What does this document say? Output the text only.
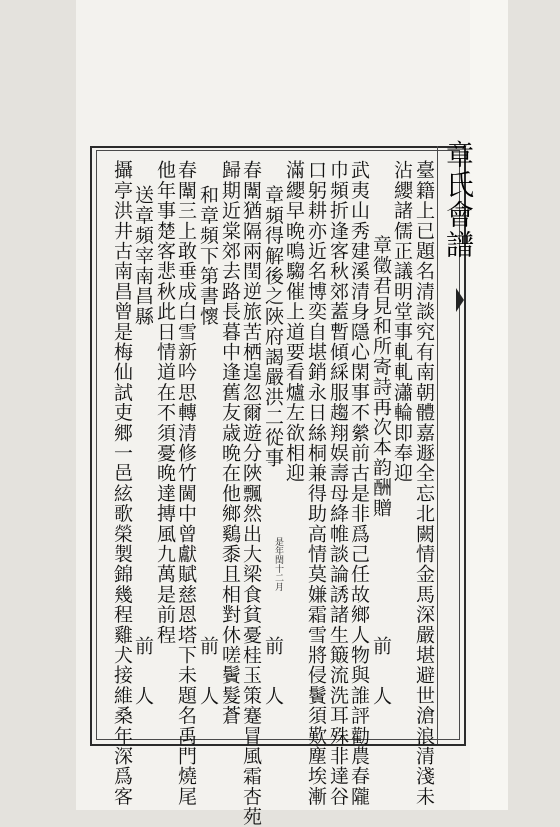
章氏會譜
臺籍上已題名清談究有南朝體嘉遯全忘北闕情金馬深嚴堪避世滄浪清淺未
沾纓諸儒正議明堂事軋軋瀟輪即奉迎
章徵君見和所寄詩再次本韵酬贈
前　人
武夷山秀建溪清身隱心閑事不縈前古是非爲己任故鄉人物與誰評勸農春隴
巾頻折逢客秋郊蓋暫傾綵服趨翔娱壽母絳帷談論誘諸生簸流洗耳殊非達谷
口躬耕亦近名博奕自堪銷永日絲桐兼得助高情莫嫌霜雪將侵鬢須歎塵埃漸
滿纓早晩鳴騶催上道要看爐左欲相迎
章頻得解後之陜府謁嚴洪二從事
是年閏十二月
前　人
春闈猶隔兩閏逆旅苦栖遑忽爾遊分陜飄然出大梁食貧憂桂玉策蹇冒風霜杏苑
歸期近棠郊去路長暮中逢舊友歳晩在他鄉鷄黍且相對休嗟鬢髮蒼
和章頻下第書懷
前　人
春闈三上敢垂成白雪新吟思轉清修竹閫中曾獻賦慈恩塔下未題名禹門燒尾
他年事楚客悲秋此日情道在不須憂晚達摶風九萬是前程
送章頻宰南昌縣
前　人
攝亭洪井古南昌曾是梅仙試吏郷一邑絃歌榮製錦幾程雞犬接維桑年深爲客
